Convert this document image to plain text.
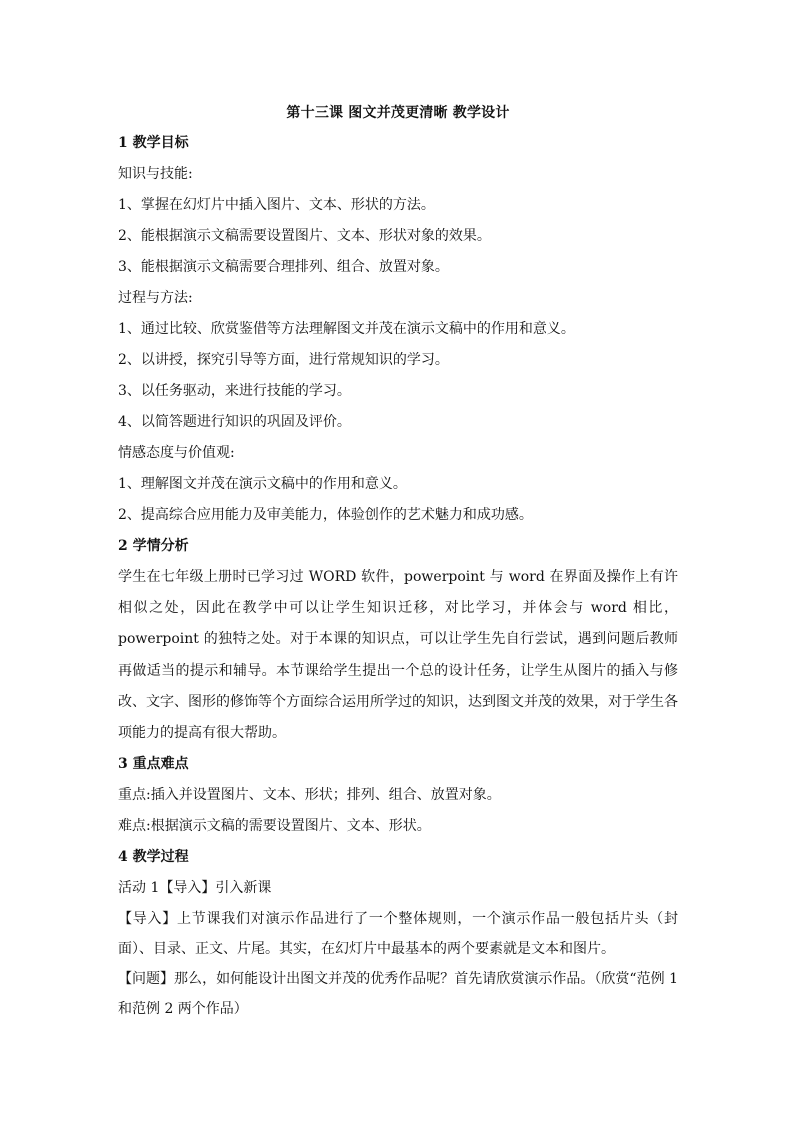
第十三课 图文并茂更清晰 教学设计

1 教学目标

知识与技能:

1、掌握在幻灯片中插入图片、文本、形状的方法。

2、能根据演示文稿需要设置图片、文本、形状对象的效果。

3、能根据演示文稿需要合理排列、组合、放置对象。

过程与方法:

1、通过比较、欣赏鉴借等方法理解图文并茂在演示文稿中的作用和意义。

2、以讲授，探究引导等方面，进行常规知识的学习。

3、以任务驱动，来进行技能的学习。

4、以简答题进行知识的巩固及评价。

情感态度与价值观:

1、理解图文并茂在演示文稿中的作用和意义。

2、提高综合应用能力及审美能力，体验创作的艺术魅力和成功感。

2 学情分析

学生在七年级上册时已学习过 WORD 软件，powerpoint 与 word 在界面及操作上有许相似之处，因此在教学中可以让学生知识迁移，对比学习，并体会与 word 相比，powerpoint 的独特之处。对于本课的知识点，可以让学生先自行尝试，遇到问题后教师再做适当的提示和辅导。本节课给学生提出一个总的设计任务，让学生从图片的插入与修改、文字、图形的修饰等个方面综合运用所学过的知识，达到图文并茂的效果，对于学生各项能力的提高有很大帮助。

3 重点难点

重点:插入并设置图片、文本、形状；排列、组合、放置对象。

难点:根据演示文稿的需要设置图片、文本、形状。

4 教学过程

活动 1【导入】引入新课

【导入】上节课我们对演示作品进行了一个整体规则，一个演示作品一般包括片头（封面）、目录、正文、片尾。其实，在幻灯片中最基本的两个要素就是文本和图片。

【问题】那么，如何能设计出图文并茂的优秀作品呢？首先请欣赏演示作品。（欣赏“范例 1 和范例 2 两个作品）
